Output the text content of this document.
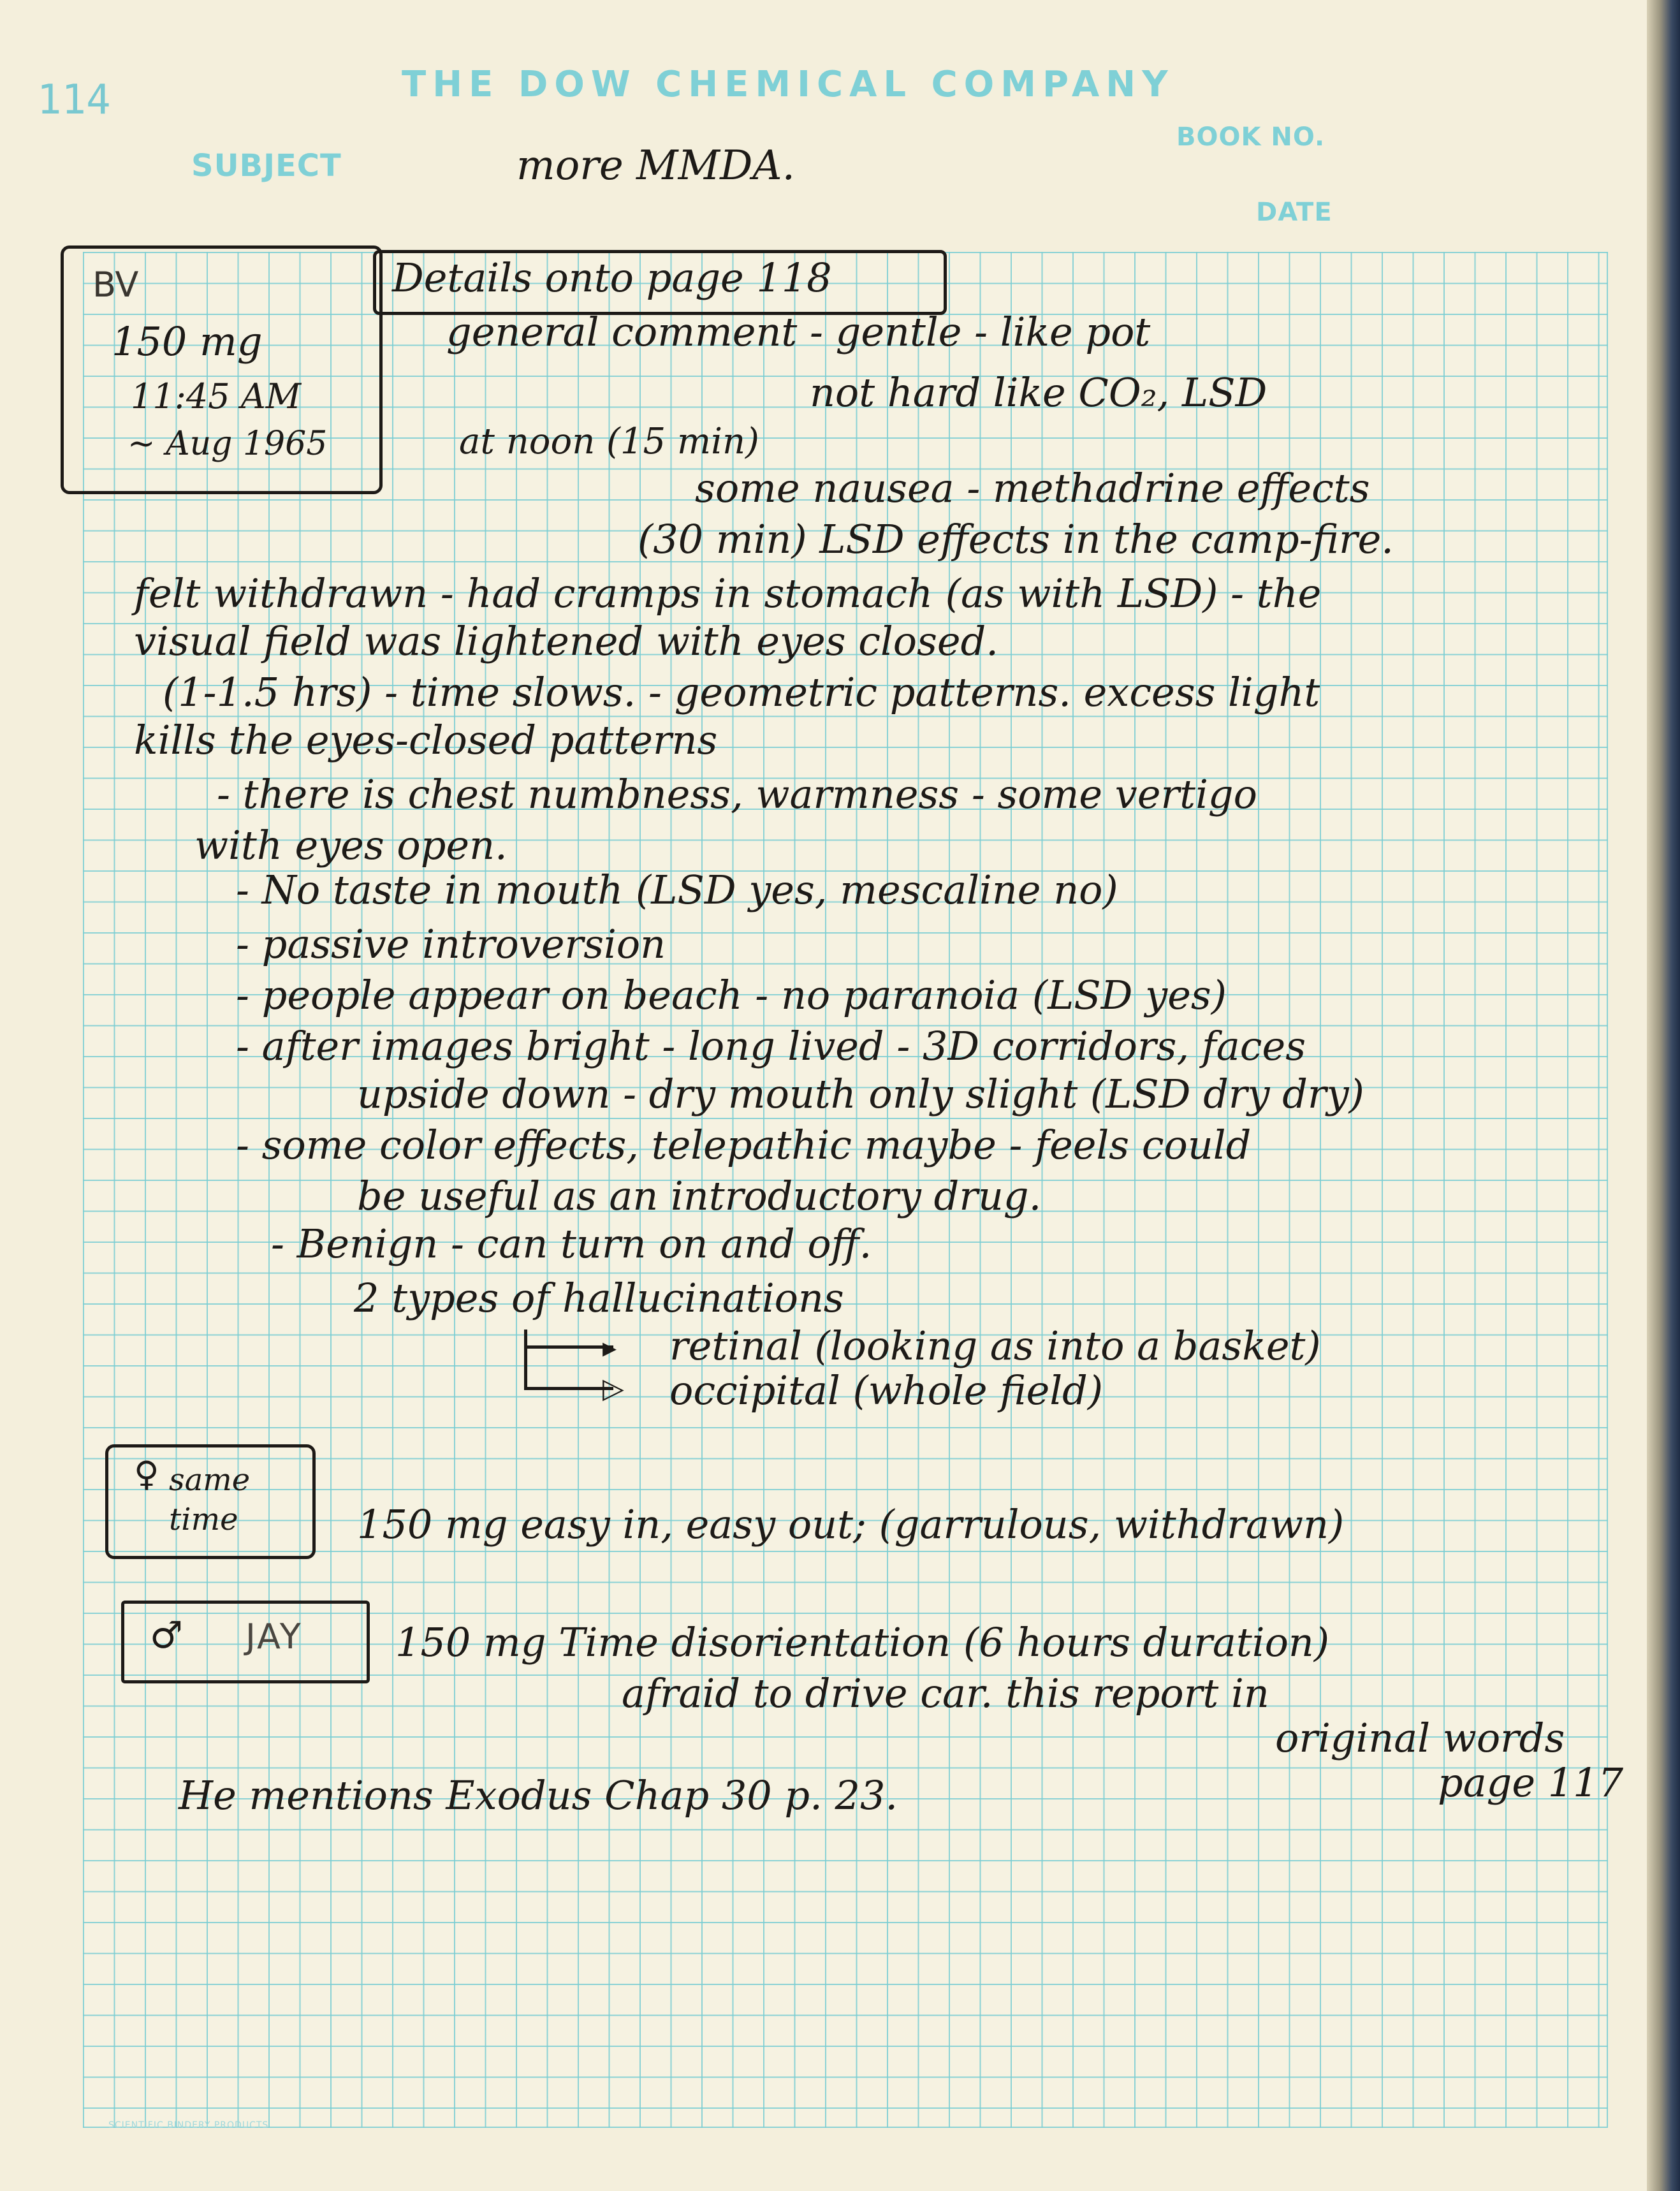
114	THE DOW CHEMICAL COMPANY
SUBJECT
BOOK NO.
DATE
SCIENTIFIC BINDERY PRODUCTS
more MMDA.
BV
150 mg
11:45 AM
~ Aug 1965
Details onto page 118
general comment - gentle - like pot
not hard like CO₂, LSD
at noon (15 min)
some nausea - methadrine effects
(30 min) LSD effects in the camp-fire.
felt withdrawn - had cramps in stomach (as with LSD) - the
visual field was lightened with eyes closed.
(1-1.5 hrs) - time slows. - geometric patterns. excess light
kills the eyes-closed patterns
- there is chest numbness, warmness - some vertigo
with eyes open.
- No taste in mouth (LSD yes, mescaline no)
- passive introversion
- people appear on beach - no paranoia (LSD yes)
- after images bright - long lived - 3D corridors, faces
upside down - dry mouth only slight (LSD dry dry)
- some color effects, telepathic maybe - feels could
be useful as an introductory drug.
- Benign - can turn on and off.
2 types of hallucinations
▸
▷
retinal (looking as into a basket)
occipital (whole field)
♀ same time	150 mg easy in, easy out; (garrulous, withdrawn)
♂ JAY 150 mg Time disorientation (6 hours duration)
afraid to drive car. this report in
original words
page 117
He mentions Exodus Chap 30 p. 23.
